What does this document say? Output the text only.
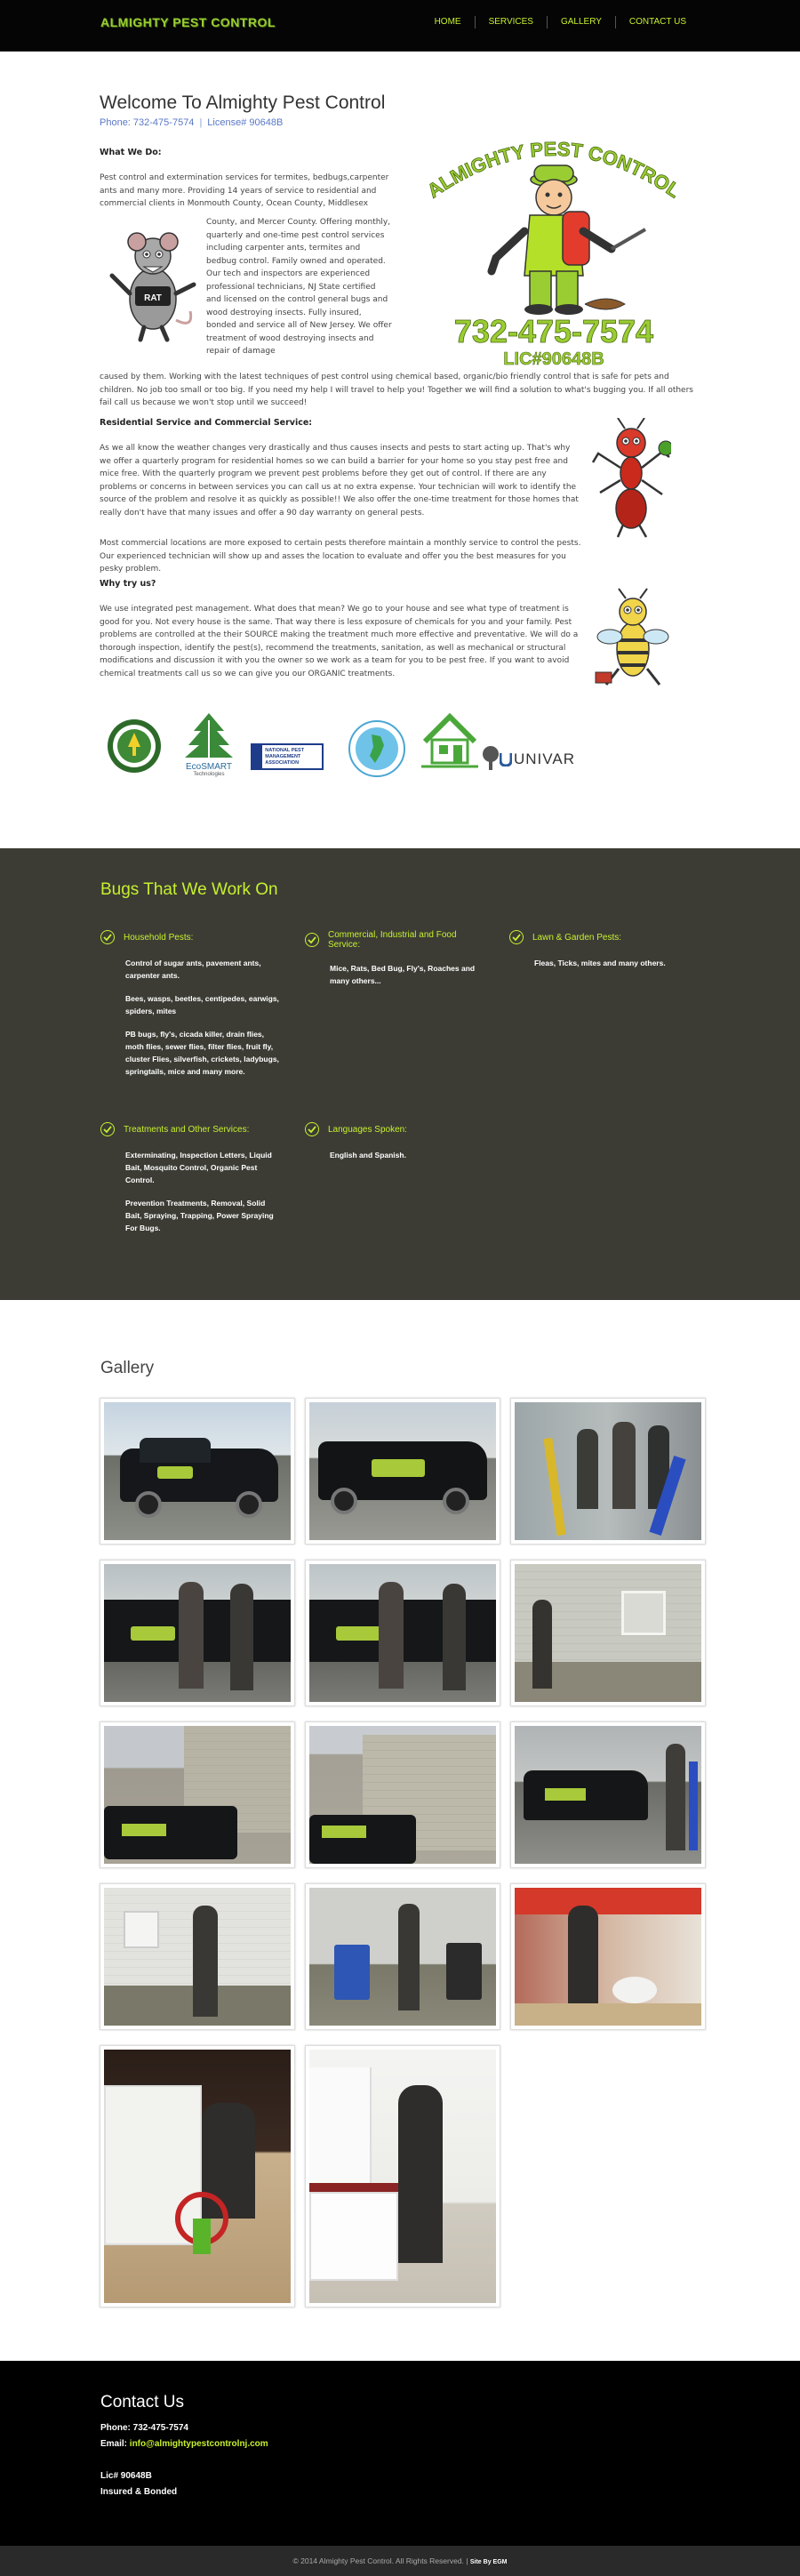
ALMIGHTY PEST CONTROL	HOME	SERVICES	GALLERY	CONTACT US
Welcome To Almighty Pest Control
Phone: 732-475-7574 | License# 90648B
ALMIGHTY PEST CONTROL
732-475-7574
LIC#90648B
What We Do:
Pest control and extermination services for termites, bedbugs,carpenter ants and many more. Providing 14 years of service to residential and commercial clients in Monmouth County, Ocean County, Middlesex
RAT
County, and Mercer County. Offering monthly, quarterly and one-time pest control services including carpenter ants, termites and bedbug control. Family owned and operated. Our tech and inspectors are experienced professional technicians, NJ State certified and licensed on the control general bugs and wood destroying insects. Fully insured, bonded and service all of New Jersey. We offer treatment of wood destroying insects and repair of damage
caused by them. Working with the latest techniques of pest control using chemical based, organic/bio friendly control that is safe for pets and children. No job too small or too big. If you need my help I will travel to help you! Together we will find a solution to what's bugging you. If all others fail call us because we won't stop until we succeed!
Residential Service and Commercial Service:
As we all know the weather changes very drastically and thus causes insects and pests to start acting up. That's why we offer a quarterly program for residential homes so we can build a barrier for your home so you stay pest free and mice free. With the quarterly program we prevent pest problems before they get out of control. If there are any problems or concerns in between services you can call us at no extra expense. Your technician will work to identify the source of the problem and resolve it as quickly as possible!! We also offer the one-time treatment for those homes that really don't have that many issues and offer a 90 day warranty on general pests.
Most commercial locations are more exposed to certain pests therefore maintain a monthly service to control the pests. Our experienced technician will show up and asses the location to evaluate and offer you the best measures for you pesky problem.
Why try us?
We use integrated pest management. What does that mean? We go to your house and see what type of treatment is good for you. Not every house is the same. That way there is less exposure of chemicals for you and your family. Pest problems are controlled at the their SOURCE making the treatment much more effective and preventative. We will do a thorough inspection, identify the pest(s), recommend the treatments, sanitation, as well as mechanical or structural modifications and discussion it with you the owner so we work as a team for you to be pest free. If you want to avoid chemical treatments call us so we can give you our ORGANIC treatments.
EcoSMART
Technologies
NATIONAL PEST MANAGEMENT ASSOCIATION	UNIVAR
Bugs That We Work On
Household Pests:

Control of sugar ants, pavement ants, carpenter ants.

Bees, wasps, beetles, centipedes, earwigs, spiders, mites

PB bugs, fly's, cicada killer, drain flies, moth flies, sewer flies, filter flies, fruit fly, cluster Flies, silverfish, crickets, ladybugs, springtails, mice and many more.

Commercial, Industrial and Food Service:

Mice, Rats, Bed Bug, Fly's, Roaches and many others...

Lawn & Garden Pests:

Fleas, Ticks, mites and many others.

Treatments and Other Services:

Exterminating, Inspection Letters, Liquid Bait, Mosquito Control, Organic Pest Control.

Prevention Treatments, Removal, Solid Bait, Spraying, Trapping, Power Spraying For Bugs.

Languages Spoken:

English and Spanish.

Gallery
Contact Us
Phone: 732-475-7574
Email: info@almightypestcontrolnj.com
Lic# 90648B
Insured & Bonded
© 2014 Almighty Pest Control. All Rights Reserved. | Site By EGM
